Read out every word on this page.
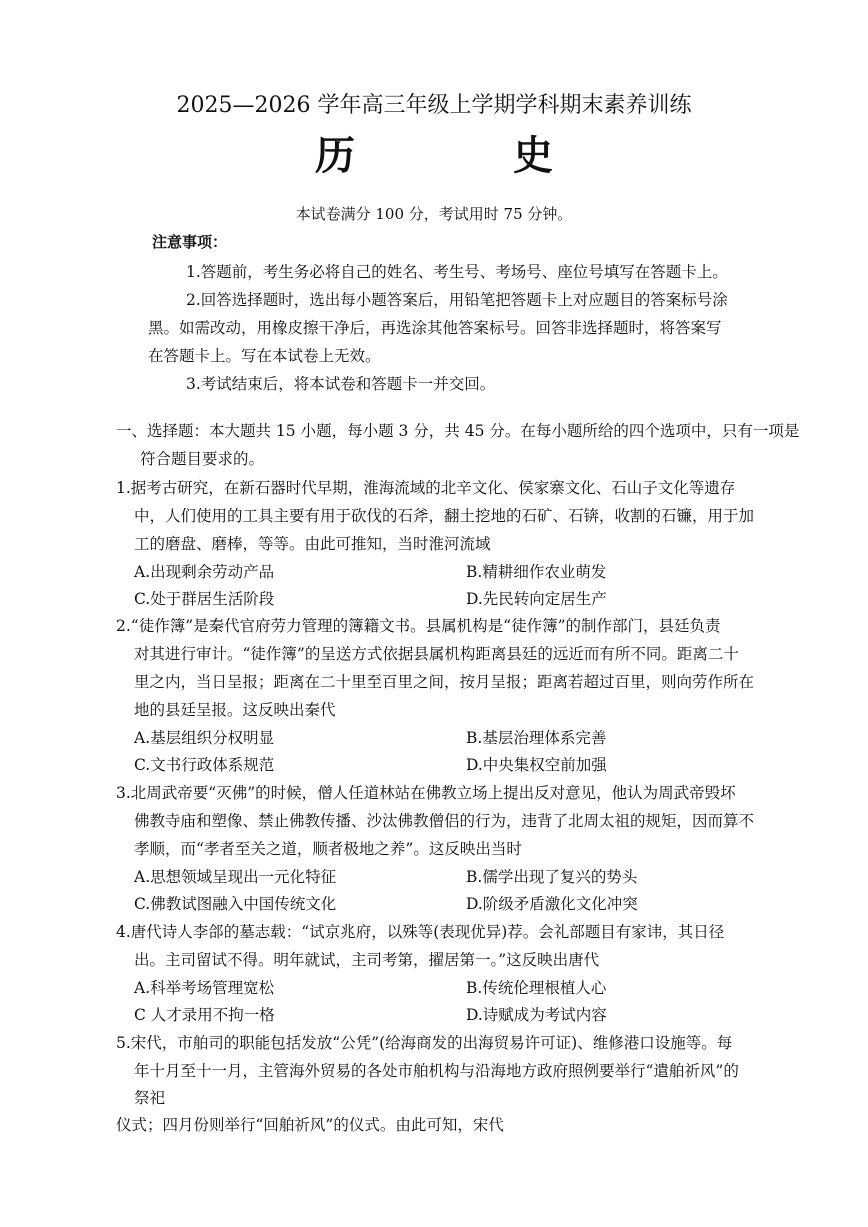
2025—2026 学年高三年级上学期学科期末素养训练
历 史
本试卷满分 100 分，考试用时 75 分钟。
注意事项：
1.答题前，考生务必将自己的姓名、考生号、考场号、座位号填写在答题卡上。
2.回答选择题时，选出每小题答案后，用铅笔把答题卡上对应题目的答案标号涂
黑。如需改动，用橡皮擦干净后，再选涂其他答案标号。回答非选择题时，将答案写
在答题卡上。写在本试卷上无效。
3.考试结束后，将本试卷和答题卡一并交回。
一、选择题：本大题共 15 小题，每小题 3 分，共 45 分。在每小题所给的四个选项中，只有一项是
符合题目要求的。
1.据考古研究，在新石器时代早期，淮海流域的北辛文化、侯家寨文化、石山子文化等遗存
中，人们使用的工具主要有用于砍伐的石斧，翻土挖地的石矿、石锛，收割的石镰，用于加
工的磨盘、磨棒，等等。由此可推知，当时淮河流域
A.出现剩余劳动产品	B.精耕细作农业萌发
C.处于群居生活阶段	D.先民转向定居生产
2.“徒作簿”是秦代官府劳力管理的簿籍文书。县属机构是“徒作簿”的制作部门，县廷负责
对其进行审计。“徒作簿”的呈送方式依据县属机构距离县廷的远近而有所不同。距离二十
里之内，当日呈报；距离在二十里至百里之间，按月呈报；距离若超过百里，则向劳作所在
地的县廷呈报。这反映出秦代
A.基层组织分权明显	B.基层治理体系完善
C.文书行政体系规范	D.中央集权空前加强
3.北周武帝要“灭佛”的时候，僧人任道林站在佛教立场上提出反对意见，他认为周武帝毁坏
佛教寺庙和塑像、禁止佛教传播、沙汰佛教僧侣的行为，违背了北周太祖的规矩，因而算不
孝顺，而“孝者至关之道，顺者极地之养”。这反映出当时
A.思想领域呈现出一元化特征	B.儒学出现了复兴的势头
C.佛教试图融入中国传统文化	D.阶级矛盾激化文化冲突
4.唐代诗人李郃的墓志载：“试京兆府，以殊等(表现优异)荐。会礼部题目有家讳，其日径
出。主司留试不得。明年就试，主司考第，擢居第一。”这反映出唐代
A.科举考场管理宽松	B.传统伦理根植人心
C 人才录用不拘一格	D.诗赋成为考试内容
5.宋代，市舶司的职能包括发放“公凭”(给海商发的出海贸易许可证)、维修港口设施等。每
年十月至十一月，主管海外贸易的各处市舶机构与沿海地方政府照例要举行“遣舶祈风”的
祭祀
仪式；四月份则举行“回舶祈风”的仪式。由此可知，宋代
